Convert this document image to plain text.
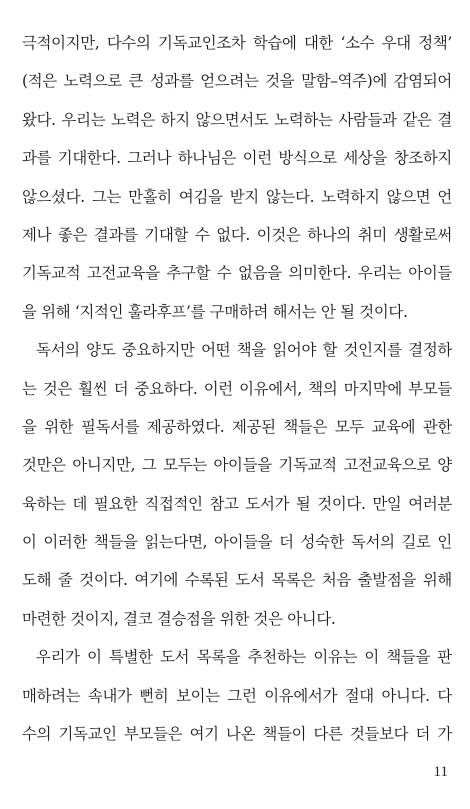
극적이지만, 다수의 기독교인조차 학습에 대한 ‘소수 우대 정책’
(적은 노력으로 큰 성과를 얻으려는 것을 말함–역주)에 감염되어
왔다. 우리는 노력은 하지 않으면서도 노력하는 사람들과 같은 결
과를 기대한다. 그러나 하나님은 이런 방식으로 세상을 창조하지
않으셨다. 그는 만홀히 여김을 받지 않는다. 노력하지 않으면 언
제나 좋은 결과를 기대할 수 없다. 이것은 하나의 취미 생활로써
기독교적 고전교육을 추구할 수 없음을 의미한다. 우리는 아이들
을 위해 ‘지적인 훌라후프’를 구매하려 해서는 안 될 것이다.
독서의 양도 중요하지만 어떤 책을 읽어야 할 것인지를 결정하
는 것은 훨씬 더 중요하다. 이런 이유에서, 책의 마지막에 부모들
을 위한 필독서를 제공하였다. 제공된 책들은 모두 교육에 관한
것만은 아니지만, 그 모두는 아이들을 기독교적 고전교육으로 양
육하는 데 필요한 직접적인 참고 도서가 될 것이다. 만일 여러분
이 이러한 책들을 읽는다면, 아이들을 더 성숙한 독서의 길로 인
도해 줄 것이다. 여기에 수록된 도서 목록은 처음 출발점을 위해
마련한 것이지, 결코 결승점을 위한 것은 아니다.
우리가 이 특별한 도서 목록을 추천하는 이유는 이 책들을 판
매하려는 속내가 뻔히 보이는 그런 이유에서가 절대 아니다. 다
수의 기독교인 부모들은 여기 나온 책들이 다른 것들보다 더 가
11
